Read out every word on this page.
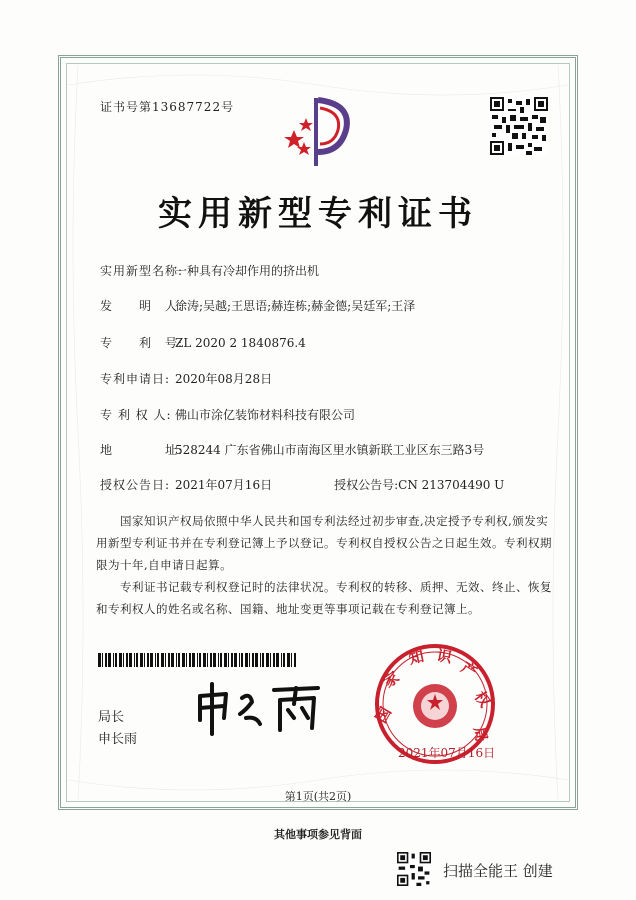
证书号第13687722号
实用新型专利证书
实用新型名称:一种具有冷却作用的挤出机
发　　明　人:徐涛;吴越;王思语;赫连栋;赫金德;吴廷军;王泽
专　　利　号:ZL 2020 2 1840876.4
专利申请日: 2020年08月28日
专 利 权 人: 佛山市涂亿装饰材料科技有限公司
地　　　　址:528244 广东省佛山市南海区里水镇新联工业区东三路3号
授权公告日: 2021年07月16日	授权公告号:CN 213704490 U
国家知识产权局依照中华人民共和国专利法经过初步审查,决定授予专利权,颁发实用新型专利证书并在专利登记簿上予以登记。专利权自授权公告之日起生效。专利权期限为十年,自申请日起算。
专利证书记载专利权登记时的法律状况。专利权的转移、质押、无效、终止、恢复和专利权人的姓名或名称、国籍、地址变更等事项记载在专利登记簿上。
局长
申长雨
国
家
知 识
产
权
局
2021年07月16日
第1页(共2页)
其他事项参见背面
扫描全能王 创建
